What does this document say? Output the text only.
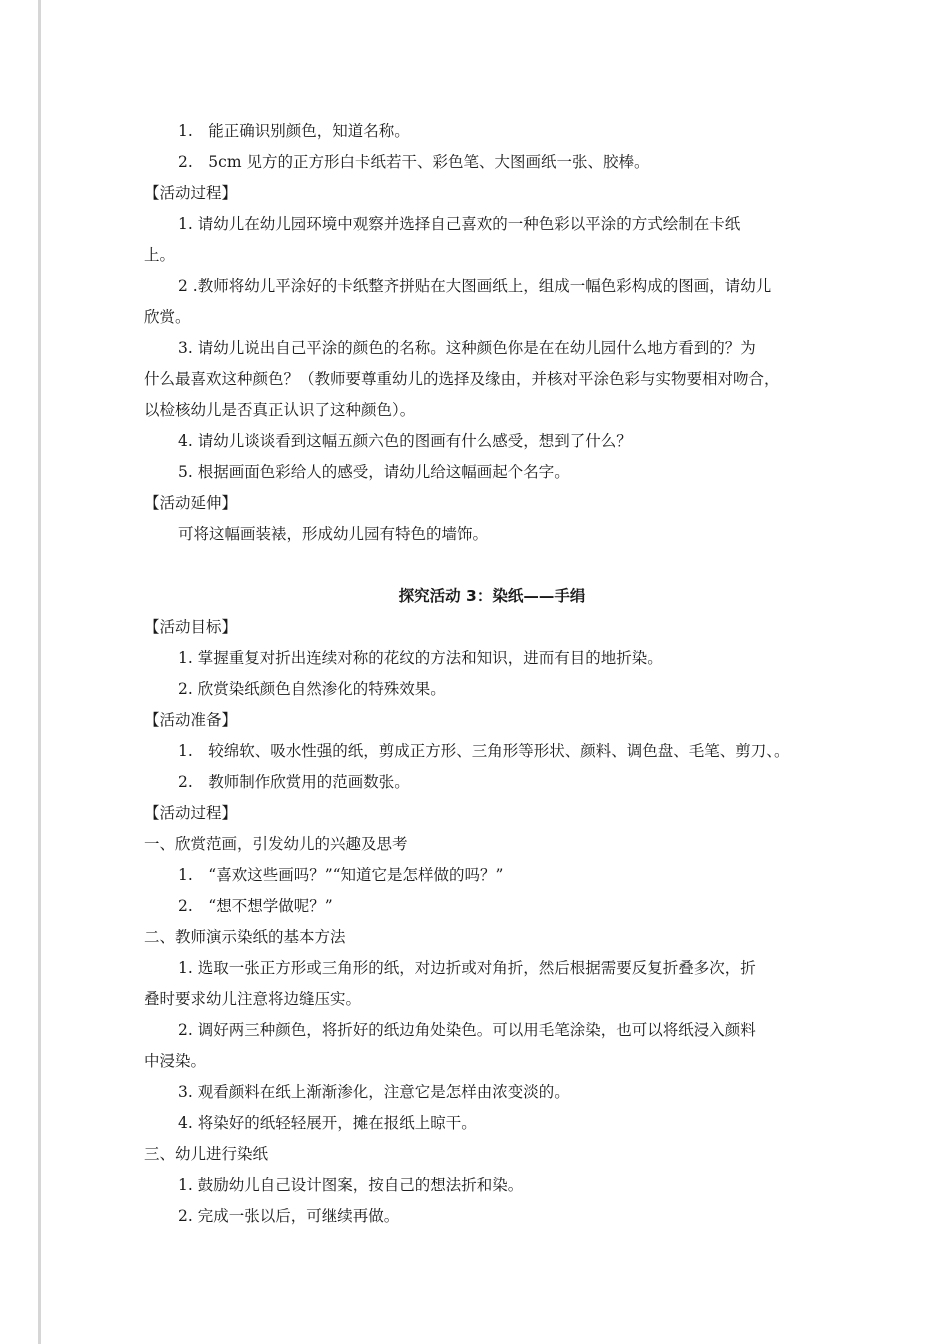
1.　能正确识别颜色，知道名称。
2.　5cm 见方的正方形白卡纸若干、彩色笔、大图画纸一张、胶棒。
【活动过程】
1. 请幼儿在幼儿园环境中观察并选择自己喜欢的一种色彩以平涂的方式绘制在卡纸
上。
2 .教师将幼儿平涂好的卡纸整齐拼贴在大图画纸上，组成一幅色彩构成的图画，请幼儿
欣赏。
3. 请幼儿说出自己平涂的颜色的名称。这种颜色你是在在幼儿园什么地方看到的？为
什么最喜欢这种颜色？（教师要尊重幼儿的选择及缘由，并核对平涂色彩与实物要相对吻合，
以检核幼儿是否真正认识了这种颜色）。
4. 请幼儿谈谈看到这幅五颜六色的图画有什么感受，想到了什么？
5. 根据画面色彩给人的感受，请幼儿给这幅画起个名字。
【活动延伸】
可将这幅画装裱，形成幼儿园有特色的墙饰。
探究活动 3：染纸——手绢
【活动目标】
1. 掌握重复对折出连续对称的花纹的方法和知识，进而有目的地折染。
2. 欣赏染纸颜色自然渗化的特殊效果。
【活动准备】
1.　较绵软、吸水性强的纸，剪成正方形、三角形等形状、颜料、调色盘、毛笔、剪刀、。
2.　教师制作欣赏用的范画数张。
【活动过程】
一、欣赏范画，引发幼儿的兴趣及思考
1.　“喜欢这些画吗？”“知道它是怎样做的吗？”
2.　“想不想学做呢？”
二、教师演示染纸的基本方法
1. 选取一张正方形或三角形的纸，对边折或对角折，然后根据需要反复折叠多次，折
叠时要求幼儿注意将边缝压实。
2. 调好两三种颜色，将折好的纸边角处染色。可以用毛笔涂染，也可以将纸浸入颜料
中浸染。
3. 观看颜料在纸上渐渐渗化，注意它是怎样由浓变淡的。
4. 将染好的纸轻轻展开，摊在报纸上晾干。
三、幼儿进行染纸
1. 鼓励幼儿自己设计图案，按自己的想法折和染。
2. 完成一张以后，可继续再做。
